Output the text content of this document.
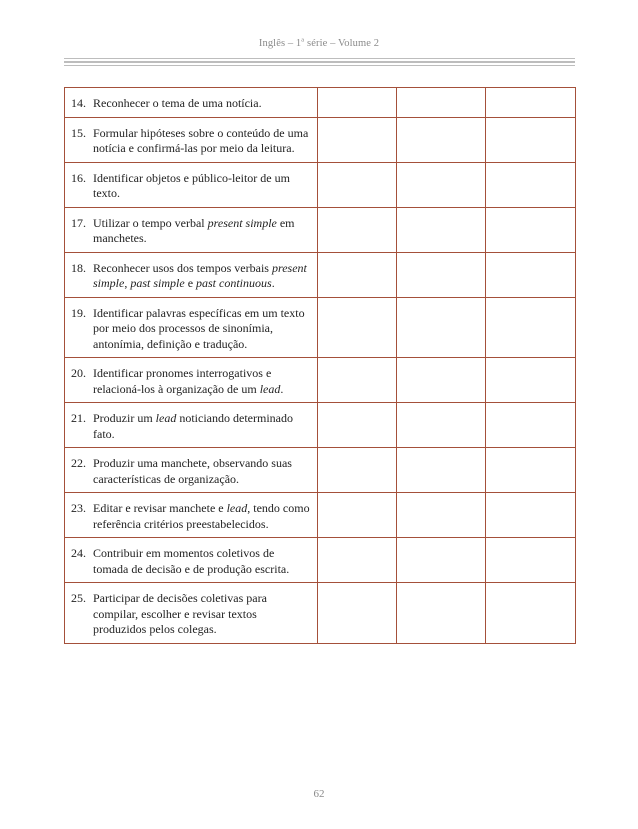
Inglês – 1$^a$ série – Volume 2
14. Reconhecer o tema de uma notícia.			

15. Formular hipóteses sobre o conteúdo de uma notícia e confirmá-las por meio da leitura.			

16. Identificar objetos e público-leitor de um texto.			

17. Utilizar o tempo verbal present simple em manchetes.			

18. Reconhecer usos dos tempos verbais present simple, past simple e past continuous.			

19. Identificar palavras específicas em um texto por meio dos processos de sinonímia, antonímia, definição e tradução.			

20. Identificar pronomes interrogativos e relacioná-los à organização de um lead.			

21. Produzir um lead noticiando determinado fato.			

22. Produzir uma manchete, observando suas características de organização.			

23. Editar e revisar manchete e lead, tendo como referência critérios preestabelecidos.			

24. Contribuir em momentos coletivos de tomada de decisão e de produção escrita.			

25. Participar de decisões coletivas para compilar, escolher e revisar textos produzidos pelos colegas.			

62
